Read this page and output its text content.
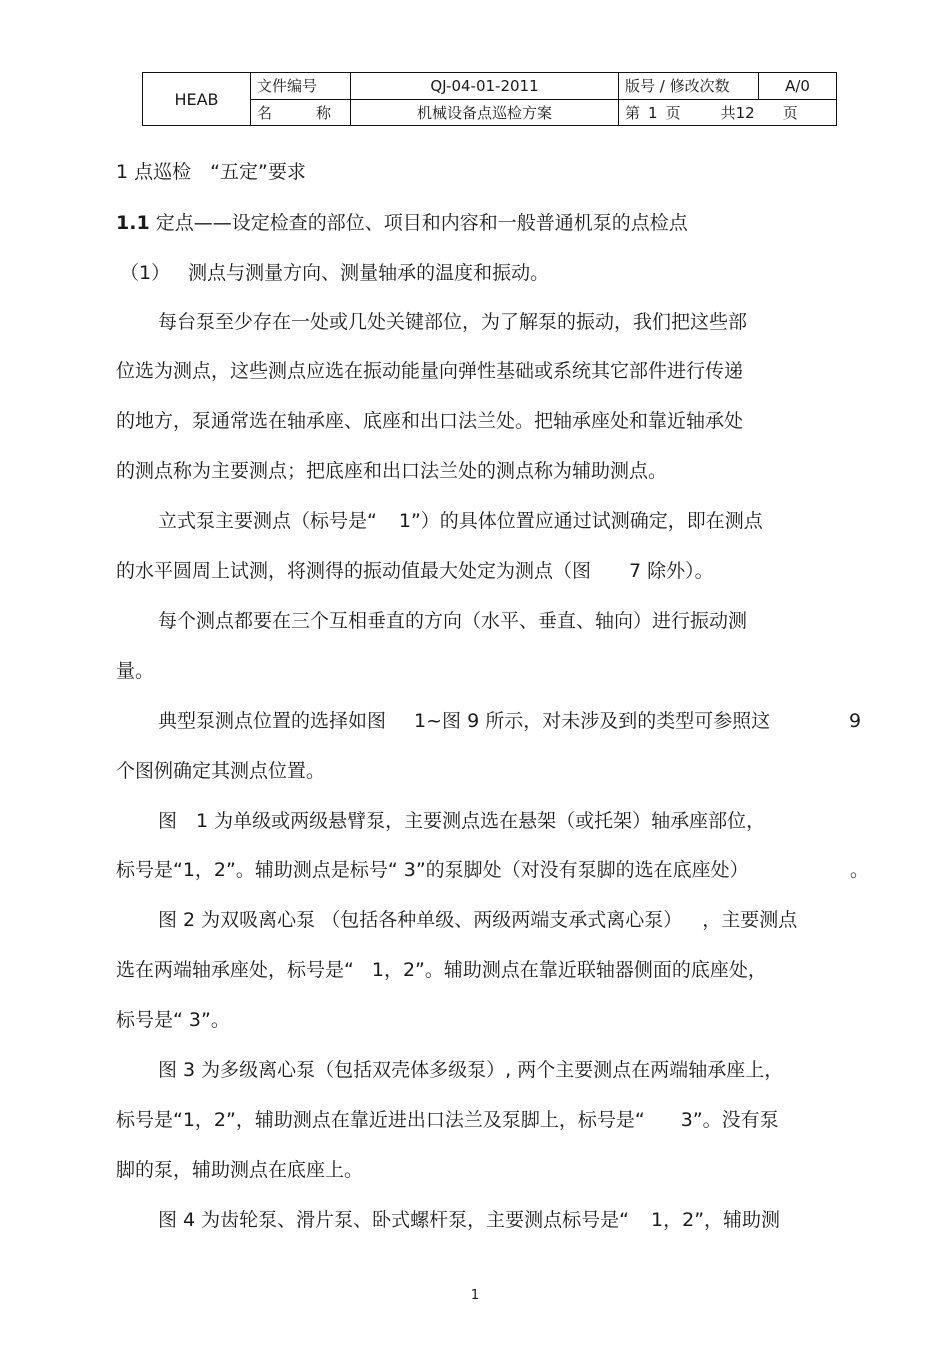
HEAB	文件编号	QJ-04-01-2011	版号 / 修改次数	A/0
	名 称	机械设备点巡检方案	第 1 页 共12 页	
1 点巡检　“五定”要求
1.1 定点——设定检查的部位、项目和内容和一般普通机泵的点检点
（1） 测点与测量方向、测量轴承的温度和振动。
每台泵至少存在一处或几处关键部位，为了解泵的振动，我们把这些部
位选为测点，这些测点应选在振动能量向弹性基础或系统其它部件进行传递
的地方，泵通常选在轴承座、底座和出口法兰处。把轴承座处和靠近轴承处
的测点称为主要测点；把底座和出口法兰处的测点称为辅助测点。
立式泵主要测点（标号是“ 1”）的具体位置应通过试测确定，即在测点
的水平圆周上试测，将测得的振动值最大处定为测点（图 7 除外）。
每个测点都要在三个互相垂直的方向（水平、垂直、轴向）进行振动测
量。
典型泵测点位置的选择如图 1~图 9 所示，对未涉及到的类型可参照这	9
个图例确定其测点位置。
图　1 为单级或两级悬臂泵，主要测点选在悬架（或托架）轴承座部位，
标号是“1，2”。辅助测点是标号“ 3”的泵脚处（对没有泵脚的选在底座处）	。
图 2 为双吸离心泵 （包括各种单级、两级两端支承式离心泵） ，主要测点
选在两端轴承座处，标号是“ 1，2”。辅助测点在靠近联轴器侧面的底座处，
标号是“ 3”。
图 3 为多级离心泵（包括双壳体多级泵）, 两个主要测点在两端轴承座上，
标号是“1，2”，辅助测点在靠近进出口法兰及泵脚上，标号是“ 3”。没有泵
脚的泵，辅助测点在底座上。
图 4 为齿轮泵、滑片泵、卧式螺杆泵，主要测点标号是“ 1，2”，辅助测
1
